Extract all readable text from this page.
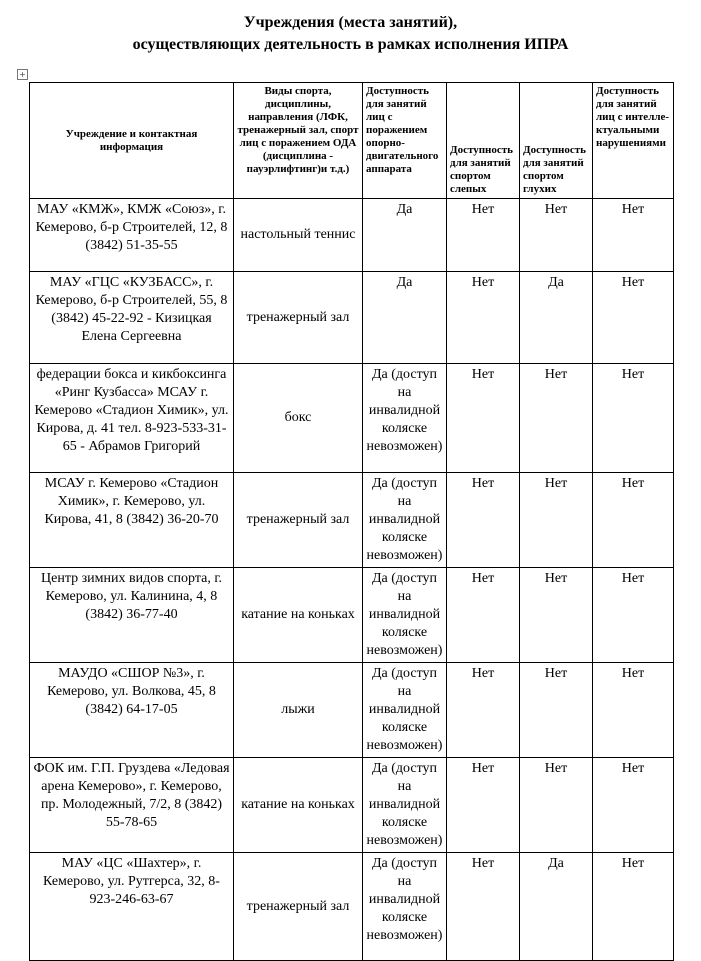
Учреждения (места занятий),
осуществляющих деятельность в рамках исполнения ИПРА
+
Учреждение и контактная информация	Виды спорта, дисциплины, направления (ЛФК, тренажерный зал, спорт лиц с поражением ОДА (дисциплина - пауэрлифтинг)и т.д.)	Доступность для занятий лиц с поражением опорно-двигательного аппарата	Доступность для занятий спортом слепых	Доступность для занятий спортом глухих	Доступность для занятий лиц с интелле-ктуальными нарушениями
МАУ «КМЖ», КМЖ «Союз», г. Кемерово, б-р Строителей, 12, 8 (3842) 51-35-55	настольный теннис	Да	Нет	Нет	Нет
МАУ «ГЦС «КУЗБАСС», г. Кемерово, б-р Строителей, 55, 8 (3842) 45-22-92 - Кизицкая Елена Сергеевна	тренажерный зал	Да	Нет	Да	Нет
федерации бокса и кикбоксинга «Ринг Кузбасса» МСАУ г. Кемерово «Стадион Химик», ул. Кирова, д. 41 тел. 8-923-533-31-65 - Абрамов Григорий	бокс	Да (доступ на инвалидной коляске невозможен)	Нет	Нет	Нет
МСАУ г. Кемерово «Стадион Химик», г. Кемерово, ул. Кирова, 41, 8 (3842) 36-20-70	тренажерный зал	Да (доступ на инвалидной коляске невозможен)	Нет	Нет	Нет
Центр зимних видов спорта, г. Кемерово, ул. Калинина, 4, 8 (3842) 36-77-40	катание на коньках	Да (доступ на инвалидной коляске невозможен)	Нет	Нет	Нет
МАУДО «СШОР №3», г. Кемерово, ул. Волкова, 45, 8 (3842) 64-17-05	лыжи	Да (доступ на инвалидной коляске невозможен)	Нет	Нет	Нет
ФОК им. Г.П. Груздева «Ледовая арена Кемерово», г. Кемерово, пр. Молодежный, 7/2, 8 (3842) 55-78-65	катание на коньках	Да (доступ на инвалидной коляске невозможен)	Нет	Нет	Нет
МАУ «ЦС «Шахтер», г. Кемерово, ул. Рутгерса, 32, 8-923-246-63-67	тренажерный зал	Да (доступ на инвалидной коляске невозможен)	Нет	Да	Нет
